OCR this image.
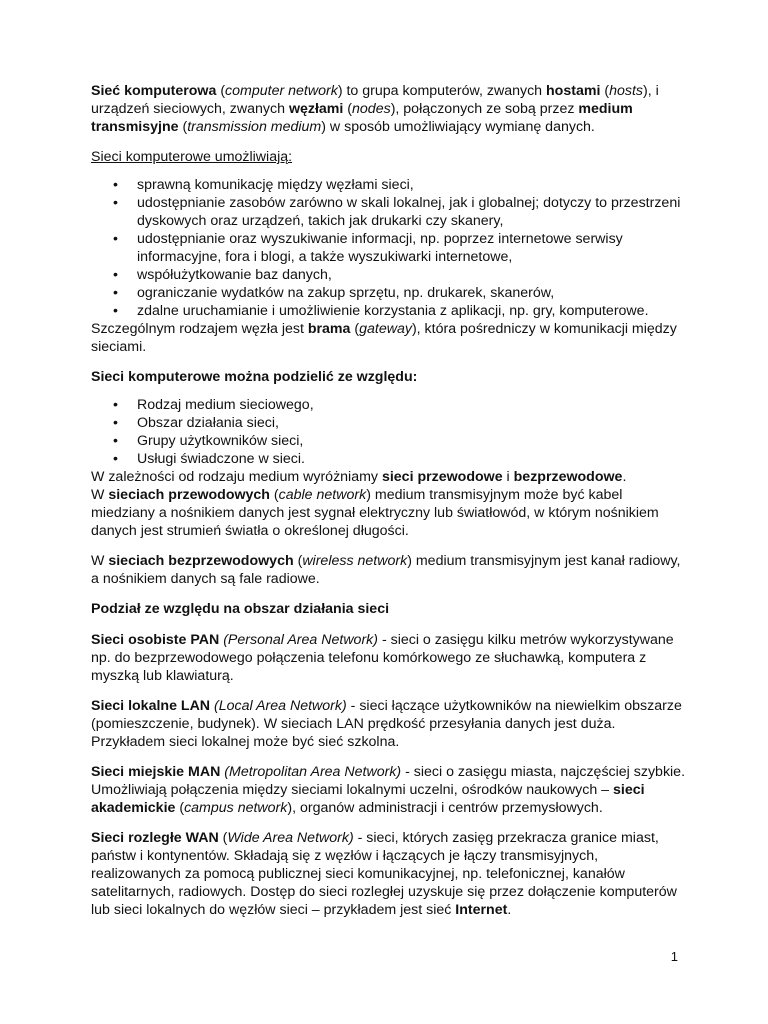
Sieć komputerowa (computer network) to grupa komputerów, zwanych hostami (hosts), i urządzeń sieciowych, zwanych węzłami (nodes), połączonych ze sobą przez medium transmisyjne (transmission medium) w sposób umożliwiający wymianę danych.

Sieci komputerowe umożliwiają:

• sprawną komunikację między węzłami sieci,
• udostępnianie zasobów zarówno w skali lokalnej, jak i globalnej; dotyczy to przestrzeni dyskowych oraz urządzeń, takich jak drukarki czy skanery,
• udostępnianie oraz wyszukiwanie informacji, np. poprzez internetowe serwisy informacyjne, fora i blogi, a także wyszukiwarki internetowe,
• współużytkowanie baz danych,
• ograniczanie wydatków na zakup sprzętu, np. drukarek, skanerów,
• zdalne uruchamianie i umożliwienie korzystania z aplikacji, np. gry, komputerowe.

Szczególnym rodzajem węzła jest brama (gateway), która pośredniczy w komunikacji między sieciami.

Sieci komputerowe można podzielić ze względu:

• Rodzaj medium sieciowego,
• Obszar działania sieci,
• Grupy użytkowników sieci,
• Usługi świadczone w sieci.

W zależności od rodzaju medium wyróżniamy sieci przewodowe i bezprzewodowe.

W sieciach przewodowych (cable network) medium transmisyjnym może być kabel miedziany a nośnikiem danych jest sygnał elektryczny lub światłowód, w którym nośnikiem danych jest strumień światła o określonej długości.

W sieciach bezprzewodowych (wireless network) medium transmisyjnym jest kanał radiowy, a nośnikiem danych są fale radiowe.

Podział ze względu na obszar działania sieci

Sieci osobiste PAN (Personal Area Network) - sieci o zasięgu kilku metrów wykorzystywane np. do bezprzewodowego połączenia telefonu komórkowego ze słuchawką, komputera z myszką lub klawiaturą.

Sieci lokalne LAN (Local Area Network) - sieci łączące użytkowników na niewielkim obszarze (pomieszczenie, budynek). W sieciach LAN prędkość przesyłania danych jest duża. Przykładem sieci lokalnej może być sieć szkolna.

Sieci miejskie MAN (Metropolitan Area Network) - sieci o zasięgu miasta, najczęściej szybkie. Umożliwiają połączenia między sieciami lokalnymi uczelni, ośrodków naukowych – sieci akademickie (campus network), organów administracji i centrów przemysłowych.

Sieci rozległe WAN (Wide Area Network) - sieci, których zasięg przekracza granice miast, państw i kontynentów. Składają się z węzłów i łączących je łączy transmisyjnych, realizowanych za pomocą publicznej sieci komunikacyjnej, np. telefonicznej, kanałów satelitarnych, radiowych. Dostęp do sieci rozległej uzyskuje się przez dołączenie komputerów lub sieci lokalnych do węzłów sieci – przykładem jest sieć Internet.

1
